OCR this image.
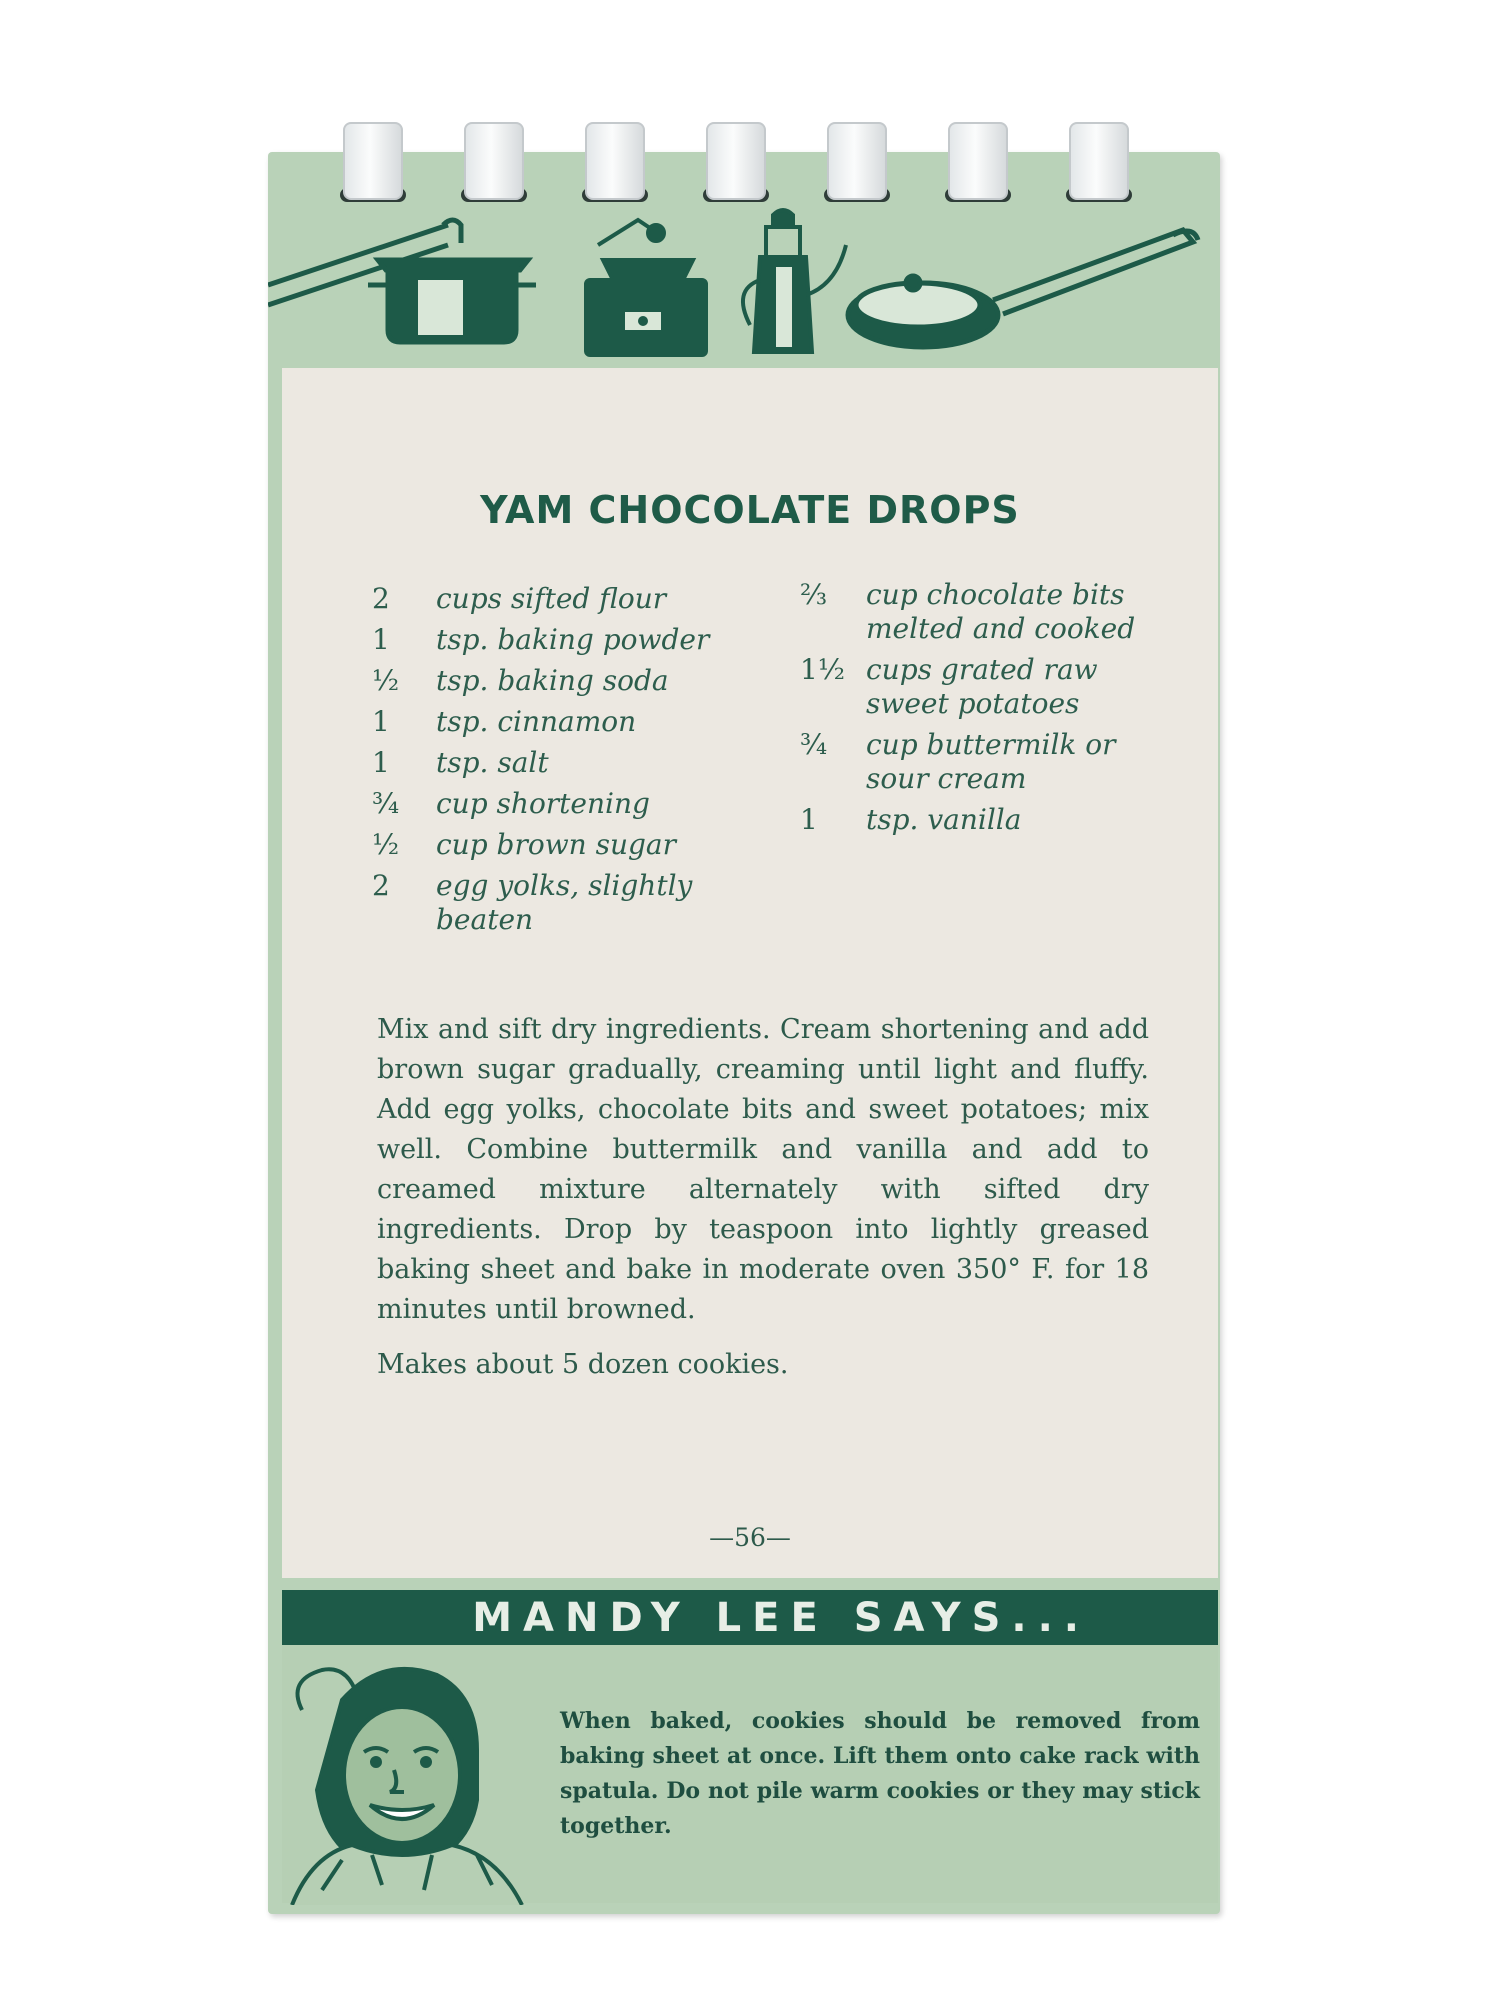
YAM CHOCOLATE DROPS
2	cups sifted flour
1	tsp. baking powder
½	tsp. baking soda
1	tsp. cinnamon
1	tsp. salt
¾	cup shortening
½	cup brown sugar
2	egg yolks, slightly beaten
⅔	cup chocolate bits melted and cooked
1½ cups grated raw sweet potatoes
¾	cup buttermilk or sour cream
1	tsp. vanilla

Mix and sift dry ingredients. Cream shortening and add brown sugar gradually, creaming until light and fluffy. Add egg yolks, chocolate bits and sweet potatoes; mix well. Combine buttermilk and vanilla and add to creamed mixture alternately with sifted dry ingredients. Drop by teaspoon into lightly greased baking sheet and bake in moderate oven 350° F. for 18 minutes until browned.

Makes about 5 dozen cookies.
—56—
MANDY LEE SAYS...

When baked, cookies should be removed from baking sheet at once. Lift them onto cake rack with spatula. Do not pile warm cookies or they may stick together.
